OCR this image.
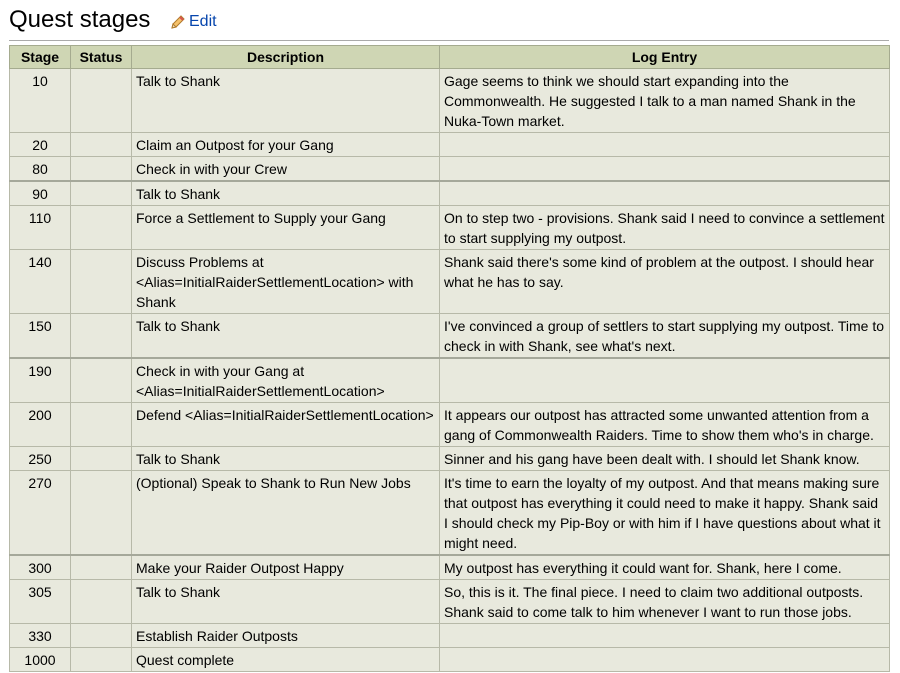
Quest stages Edit
Stage	Status	Description	Log Entry
10		Talk to Shank	Gage seems to think we should start expanding into the Commonwealth. He suggested I talk to a man named Shank in the Nuka-Town market.
20		Claim an Outpost for your Gang	
80		Check in with your Crew	
90		Talk to Shank	
110		Force a Settlement to Supply your Gang	On to step two - provisions. Shank said I need to convince a settlement to start supplying my outpost.
140		Discuss Problems at <Alias=InitialRaiderSettlementLocation> with Shank	Shank said there's some kind of problem at the outpost. I should hear what he has to say.
150		Talk to Shank	I've convinced a group of settlers to start supplying my outpost. Time to check in with Shank, see what's next.
190		Check in with your Gang at <Alias=InitialRaiderSettlementLocation>	
200		Defend <Alias=InitialRaiderSettlementLocation>	It appears our outpost has attracted some unwanted attention from a gang of Commonwealth Raiders. Time to show them who's in charge.
250		Talk to Shank	Sinner and his gang have been dealt with. I should let Shank know.
270		(Optional) Speak to Shank to Run New Jobs	It's time to earn the loyalty of my outpost. And that means making sure that outpost has everything it could need to make it happy. Shank said I should check my Pip-Boy or with him if I have questions about what it might need.
300		Make your Raider Outpost Happy	My outpost has everything it could want for. Shank, here I come.
305		Talk to Shank	So, this is it. The final piece. I need to claim two additional outposts. Shank said to come talk to him whenever I want to run those jobs.
330		Establish Raider Outposts	
1000		Quest complete	
